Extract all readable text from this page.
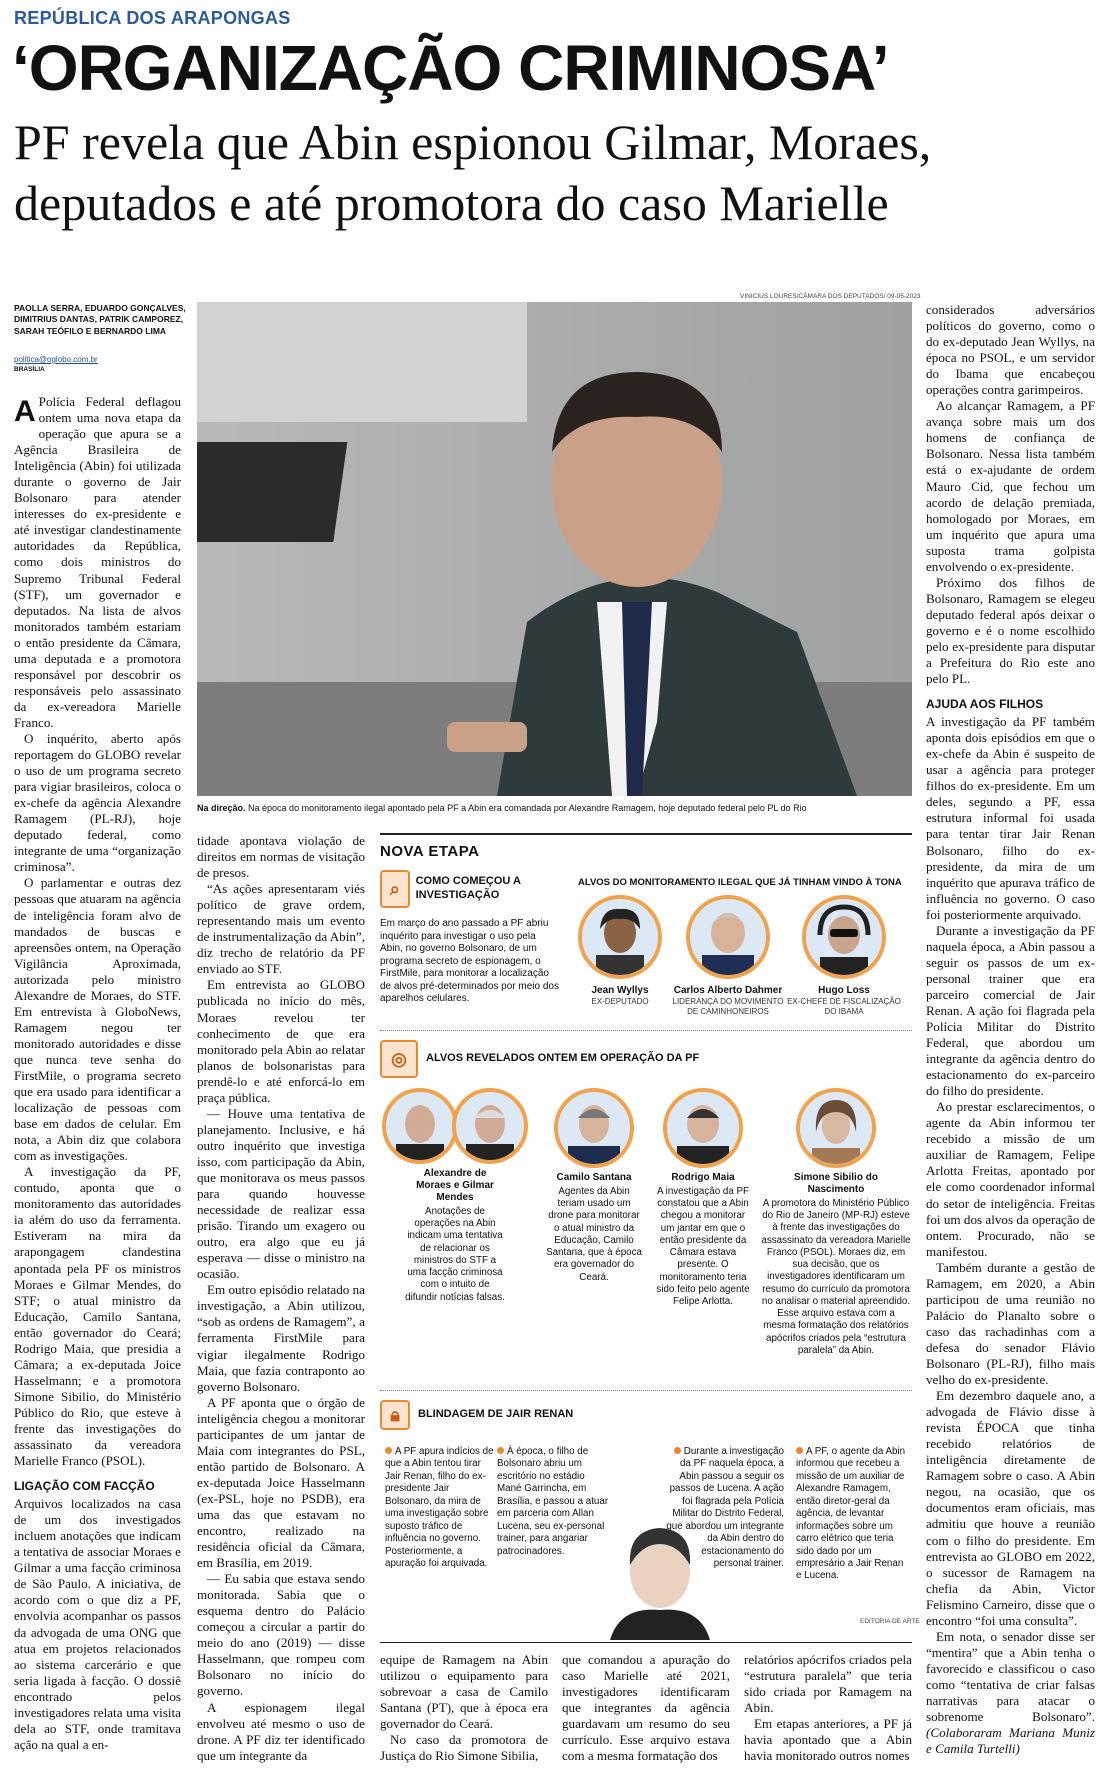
REPÚBLICA DOS ARAPONGAS
‘ORGANIZAÇÃO CRIMINOSA’
PF revela que Abin espionou Gilmar, Moraes, deputados e até promotora do caso Marielle
PAOLLA SERRA, EDUARDO GONÇALVES, DIMITRIUS DANTAS, PATRIK CAMPOREZ, SARAH TEÓFILO E BERNARDO LIMA
politica@oglobo.com.br
BRASÍLIA

A Polícia Federal deflagou ontem uma nova etapa da operação que apura se a Agência Brasileira de Inteligência (Abin) foi utilizada durante o governo de Jair Bolsonaro para atender interesses do ex-presidente e até investigar clandestinamente autoridades da República, como dois ministros do Supremo Tribunal Federal (STF), um governador e deputados. Na lista de alvos monitorados também estariam o então presidente da Câmara, uma deputada e a promotora responsável por descobrir os responsáveis pelo assassinato da ex-vereadora Marielle Franco.

O inquérito, aberto após reportagem do GLOBO revelar o uso de um programa secreto para vigiar brasileiros, coloca o ex-chefe da agência Alexandre Ramagem (PL-RJ), hoje deputado federal, como integrante de uma “organização criminosa”.

O parlamentar e outras dez pessoas que atuaram na agência de inteligência foram alvo de mandados de buscas e apreensões ontem, na Operação Vigilância Aproximada, autorizada pelo ministro Alexandre de Moraes, do STF. Em entrevista à GloboNews, Ramagem negou ter monitorado autoridades e disse que nunca teve senha do FirstMile, o programa secreto que era usado para identificar a localização de pessoas com base em dados de celular. Em nota, a Abin diz que colabora com as investigações.

A investigação da PF, contudo, aponta que o monitoramento das autoridades ia além do uso da ferramenta. Estiveram na mira da arapongagem clandestina apontada pela PF os ministros Moraes e Gilmar Mendes, do STF; o atual ministro da Educação, Camilo Santana, então governador do Ceará; Rodrigo Maia, que presidia a Câmara; a ex-deputada Joice Hasselmann; e a promotora Simone Sibilio, do Ministério Público do Rio, que esteve à frente das investigações do assassinato da vereadora Marielle Franco (PSOL).

LIGAÇÃO COM FACÇÃO

Arquivos localizados na casa de um dos investigados incluem anotações que indicam a tentativa de associar Moraes e Gilmar a uma facção criminosa de São Paulo. A iniciativa, de acordo com o que diz a PF, envolvia acompanhar os passos da advogada de uma ONG que atua em projetos relacionados ao sistema carcerário e que seria ligada à facção. O dossiê encontrado pelos investigadores relata uma visita dela ao STF, onde tramitava ação na qual a en-

VINICIUS LOURES/CÂMARA DOS DEPUTADOS/ 09-05-2023
Na direção. Na época do monitoramento ilegal apontado pela PF a Abin era comandada por Alexandre Ramagem, hoje deputado federal pelo PL do Rio

tidade apontava violação de direitos em normas de visitação de presos.

“As ações apresentaram viés político de grave ordem, representando mais um evento de instrumentalização da Abin”, diz trecho de relatório da PF enviado ao STF.

Em entrevista ao GLOBO publicada no início do mês, Moraes revelou ter conhecimento de que era monitorado pela Abin ao relatar planos de bolsonaristas para prendê-lo e até enforcá-lo em praça pública.

— Houve uma tentativa de planejamento. Inclusive, e há outro inquérito que investiga isso, com participação da Abin, que monitorava os meus passos para quando houvesse necessidade de realizar essa prisão. Tirando um exagero ou outro, era algo que eu já esperava — disse o ministro na ocasião.

Em outro episódio relatado na investigação, a Abin utilizou, “sob as ordens de Ramagem”, a ferramenta FirstMile para vigiar ilegalmente Rodrigo Maia, que fazia contraponto ao governo Bolsonaro.

A PF aponta que o órgão de inteligência chegou a monitorar participantes de um jantar de Maia com integrantes do PSL, então partido de Bolsonaro. A ex-deputada Joice Hasselmann (ex-PSL, hoje no PSDB), era uma das que estavam no encontro, realizado na residência oficial da Câmara, em Brasília, em 2019.

— Eu sabia que estava sendo monitorada. Sabia que o esquema dentro do Palácio começou a circular a partir do meio do ano (2019) — disse Hasselmann, que rompeu com Bolsonaro no início do governo.

A espionagem ilegal envolveu até mesmo o uso de drone. A PF diz ter identificado que um integrante da

NOVA ETAPA
⌕	COMO COMEÇOU A INVESTIGAÇÃO
Em março do ano passado a PF abriu inquérito para investigar o uso pela Abin, no governo Bolsonaro, de um programa secreto de espionagem, o FirstMile, para monitorar a localização de alvos pré-determinados por meio dos aparelhos celulares.
ALVOS DO MONITORAMENTO ILEGAL QUE JÁ TINHAM VINDO À TONA
Jean Wyllys
EX-DEPUTADO
Carlos Alberto Dahmer
LIDERANÇA DO MOVIMENTO DE CAMINHONEIROS
Hugo Loss
EX-CHEFE DE FISCALIZAÇÃO DO IBAMA
◎	ALVOS REVELADOS ONTEM EM OPERAÇÃO DA PF
Alexandre de Moraes e Gilmar Mendes
Anotações de operações na Abin indicam uma tentativa de relacionar os ministros do STF a uma facção criminosa com o intuito de difundir notícias falsas.
Camilo Santana
Agentes da Abin teriam usado um drone para monitorar o atual ministro da Educação, Camilo Santana, que à época era governador do Ceará.
Rodrigo Maia
A investigação da PF constatou que a Abin chegou a monitorar um jantar em que o então presidente da Câmara estava presente. O monitoramento teria sido feito pelo agente Felipe Arlotta.
Simone Sibilio do Nascimento
A promotora do Ministério Público do Rio de Janeiro (MP-RJ) esteve à frente das investigações do assassinato da vereadora Marielle Franco (PSOL). Moraes diz, em sua decisão, que os investigadores identificaram um resumo do currículo da promotora no analisar o material apreendido. Esse arquivo estava com a mesma formatação dos relatórios apócrifos criados pela “estrutura paralela” da Abin.
🔒︎	BLINDAGEM DE JAIR RENAN
A PF apura indícios de que a Abin tentou tirar Jair Renan, filho do ex-presidente Jair Bolsonaro, da mira de uma investigação sobre suposto tráfico de influência no governo. Posteriormente, a apuração foi arquivada.
À época, o filho de Bolsonaro abriu um escritório no estádio Mané Garrincha, em Brasília, e passou a atuar em parceria com Allan Lucena, seu ex-personal trainer, para angariar patrocinadores.
Durante a investigação da PF naquela época, a Abin passou a seguir os passos de Lucena. A ação foi flagrada pela Polícia Militar do Distrito Federal, que abordou um integrante da Abin dentro do estacionamento do personal trainer.
A PF, o agente da Abin informou que recebeu a missão de um auxiliar de Alexandre Ramagem, então diretor-geral da agência, de levantar informações sobre um carro elétrico que teria sido dado por um empresário a Jair Renan e Lucena.
EDITORIA DE ARTE

equipe de Ramagem na Abin utilizou o equipamento para sobrevoar a casa de Camilo Santana (PT), que à época era governador do Ceará.

No caso da promotora de Justiça do Rio Simone Sibilia,

que comandou a apuração do caso Marielle até 2021, investigadores identificaram que integrantes da agência guardavam um resumo do seu currículo. Esse arquivo estava com a mesma formatação dos

relatórios apócrifos criados pela “estrutura paralela” que teria sido criada por Ramagem na Abin.

Em etapas anteriores, a PF já havia apontado que a Abin havia monitorado outros nomes

considerados adversários políticos do governo, como o do ex-deputado Jean Wyllys, na época no PSOL, e um servidor do Ibama que encabeçou operações contra garimpeiros.

Ao alcançar Ramagem, a PF avança sobre mais um dos homens de confiança de Bolsonaro. Nessa lista também está o ex-ajudante de ordem Mauro Cid, que fechou um acordo de delação premiada, homologado por Moraes, em um inquérito que apura uma suposta trama golpista envolvendo o ex-presidente.

Próximo dos filhos de Bolsonaro, Ramagem se elegeu deputado federal após deixar o governo e é o nome escolhido pelo ex-presidente para disputar a Prefeitura do Rio este ano pelo PL.

AJUDA AOS FILHOS

A investigação da PF também aponta dois episódios em que o ex-chefe da Abin é suspeito de usar a agência para proteger filhos do ex-presidente. Em um deles, segundo a PF, essa estrutura informal foi usada para tentar tirar Jair Renan Bolsonaro, filho do ex-presidente, da mira de um inquérito que apurava tráfico de influência no governo. O caso foi posteriormente arquivado.

Durante a investigação da PF naquela época, a Abin passou a seguir os passos de um ex-personal trainer que era parceiro comercial de Jair Renan. A ação foi flagrada pela Polícia Militar do Distrito Federal, que abordou um integrante da agência dentro do estacionamento do ex-parceiro do filho do presidente.

Ao prestar esclarecimentos, o agente da Abin informou ter recebido a missão de um auxiliar de Ramagem, Felipe Arlotta Freitas, apontado por ele como coordenador informal do setor de inteligência. Freitas foi um dos alvos da operação de ontem. Procurado, não se manifestou.

Também durante a gestão de Ramagem, em 2020, a Abin participou de uma reunião no Palácio do Planalto sobre o caso das rachadinhas com a defesa do senador Flávio Bolsonaro (PL-RJ), filho mais velho do ex-presidente.

Em dezembro daquele ano, a advogada de Flávio disse à revista ÉPOCA que tinha recebido relatórios de inteligência diretamente de Ramagem sobre o caso. A Abin negou, na ocasião, que os documentos eram oficiais, mas admitiu que houve a reunião com o filho do presidente. Em entrevista ao GLOBO em 2022, o sucessor de Ramagem na chefia da Abin, Victor Felismino Carneiro, disse que o encontro “foi uma consulta”.

Em nota, o senador disse ser “mentira” que a Abin tenha o favorecido e classificou o caso como “tentativa de criar falsas narrativas para atacar o sobrenome Bolsonaro”. (Colaboraram Mariana Muniz e Camila Turtelli)
